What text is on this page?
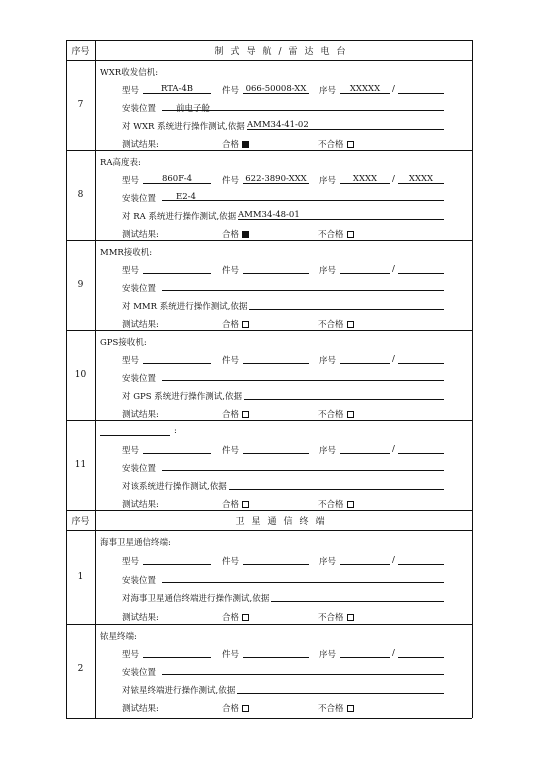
序号	制式导航/雷达电台
7
WXR收发信机:
型号	RTA-4B	件号 066-50008-XX	序号	XXXXX	/
安装位置	前电子舱
对 WXR 系统进行操作测试,依据 AMM34-41-02
测试结果:	合格	不合格
8
RA高度表:
型号	860F-4	件号 622-3890-XXX 序号	XXXX	/	XXXX
安装位置	E2-4
对 RA 系统进行操作测试,依据 AMM34-48-01
测试结果:	合格	不合格
9
MMR接收机:
型号	件号	序号	/
安装位置
对 MMR 系统进行操作测试,依据
测试结果:	合格	不合格
10
GPS接收机:
型号	件号	序号	/
安装位置
对 GPS 系统进行操作测试,依据
测试结果:	合格	不合格
11
:
型号	件号	序号	/
安装位置
对该系统进行操作测试,依据
测试结果:	合格	不合格
序号	卫星通信终端
1
海事卫星通信终端:
型号	件号	序号	/
安装位置
对海事卫星通信终端进行操作测试,依据
测试结果:	合格	不合格
2
铱星终端:
型号	件号	序号	/
安装位置
对铱星终端进行操作测试,依据
测试结果:	合格	不合格
